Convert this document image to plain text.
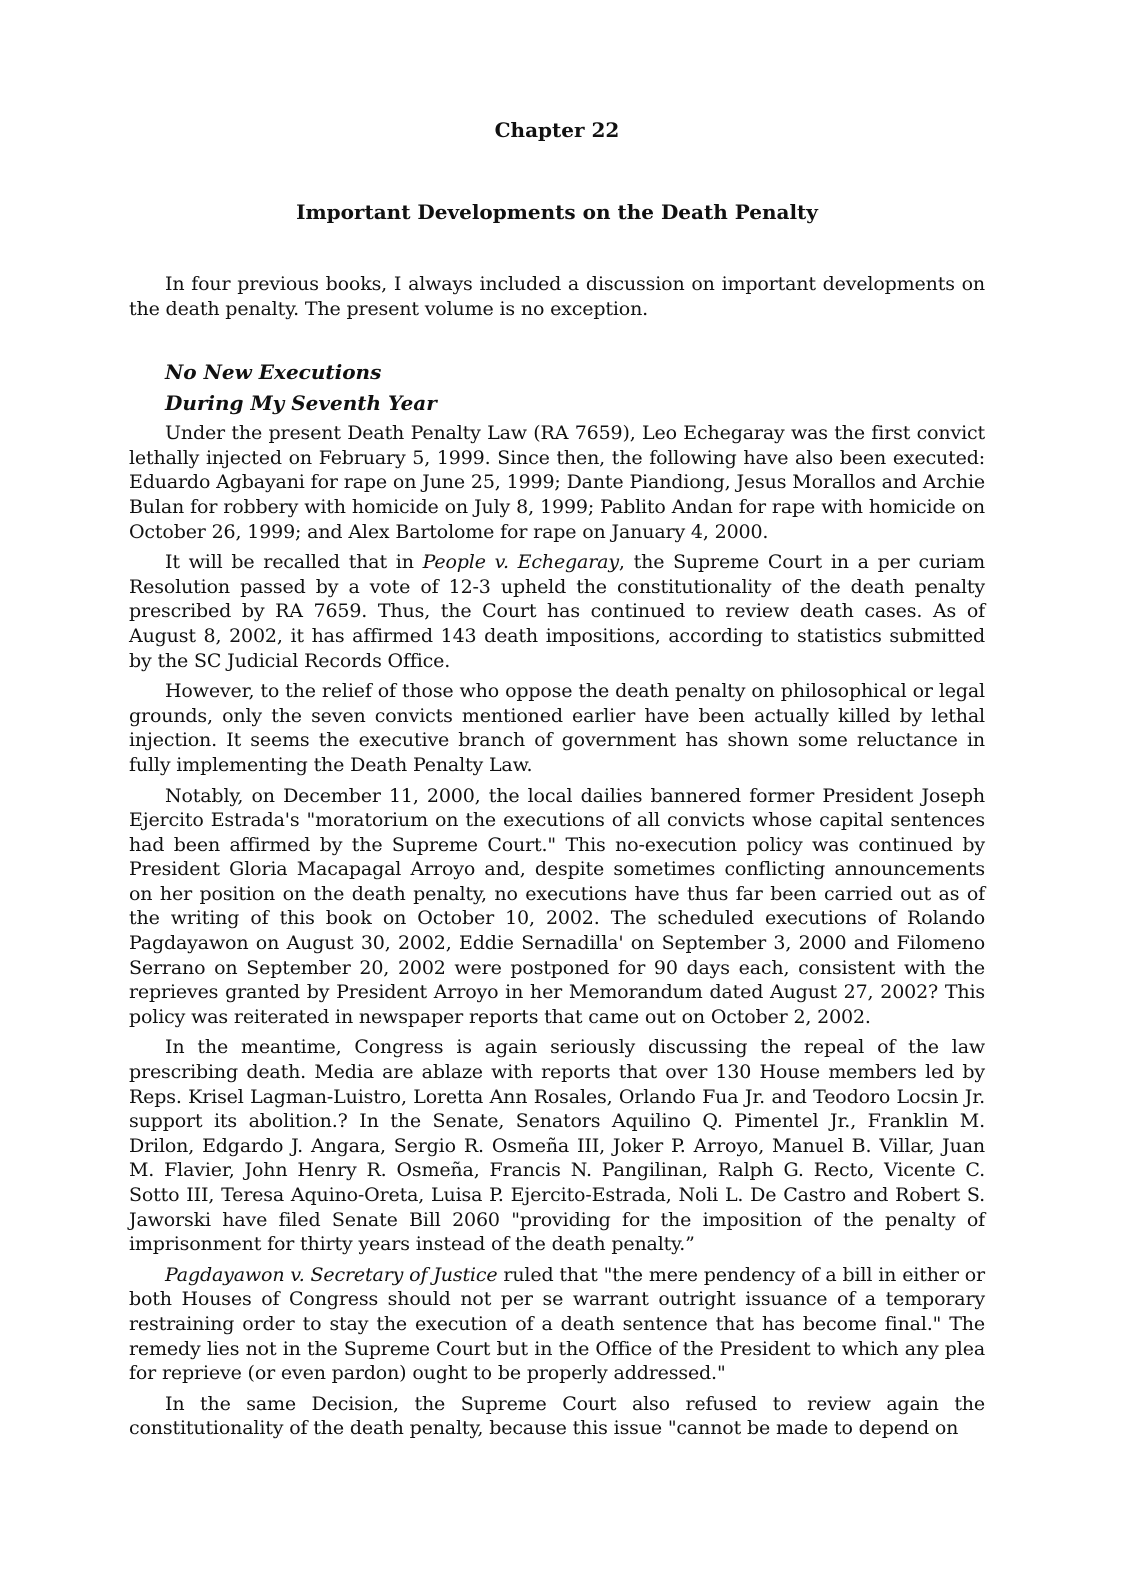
Chapter 22
Important Developments on the Death Penalty

In four previous books, I always included a discussion on important developments on the death penalty. The present volume is no exception.

No New Executions
During My Seventh Year

Under the present Death Penalty Law (RA 7659), Leo Echegaray was the first convict lethally injected on February 5, 1999. Since then, the following have also been executed: Eduardo Agbayani for rape on June 25, 1999; Dante Piandiong, Jesus Morallos and Archie Bulan for robbery with homicide on July 8, 1999; Pablito Andan for rape with homicide on October 26, 1999; and Alex Bartolome for rape on January 4, 2000.

It will be recalled that in People v. Echegaray, the Supreme Court in a per curiam Resolution passed by a vote of 12-3 upheld the constitutionality of the death penalty prescribed by RA 7659. Thus, the Court has continued to review death cases. As of August 8, 2002, it has affirmed 143 death impositions, according to statistics submitted by the SC Judicial Records Office.

However, to the relief of those who oppose the death penalty on philosophical or legal grounds, only the seven convicts mentioned earlier have been actually killed by lethal injection. It seems the executive branch of government has shown some reluctance in fully implementing the Death Penalty Law.

Notably, on December 11, 2000, the local dailies bannered former President Joseph Ejercito Estrada's "moratorium on the executions of all convicts whose capital sentences had been affirmed by the Supreme Court." This no-execution policy was continued by President Gloria Macapagal Arroyo and, despite sometimes conflicting announcements on her position on the death penalty, no executions have thus far been carried out as of the writing of this book on October 10, 2002. The scheduled executions of Rolando Pagdayawon on August 30, 2002, Eddie Sernadilla' on September 3, 2000 and Filomeno Serrano on September 20, 2002 were postponed for 90 days each, consistent with the reprieves granted by President Arroyo in her Memorandum dated August 27, 2002? This policy was reiterated in newspaper reports that came out on October 2, 2002.

In the meantime, Congress is again seriously discussing the repeal of the law prescribing death. Media are ablaze with reports that over 130 House members led by Reps. Krisel Lagman-Luistro, Loretta Ann Rosales, Orlando Fua Jr. and Teodoro Locsin Jr. support its abolition.? In the Senate, Senators Aquilino Q. Pimentel Jr., Franklin M. Drilon, Edgardo J. Angara, Sergio R. Osmeña III, Joker P. Arroyo, Manuel B. Villar, Juan M. Flavier, John Henry R. Osmeña, Francis N. Pangilinan, Ralph G. Recto, Vicente C. Sotto III, Teresa Aquino-Oreta, Luisa P. Ejercito-Estrada, Noli L. De Castro and Robert S. Jaworski have filed Senate Bill 2060 "providing for the imposition of the penalty of imprisonment for thirty years instead of the death penalty.”

Pagdayawon v. Secretary of Justice ruled that "the mere pendency of a bill in either or both Houses of Congress should not per se warrant outright issuance of a temporary restraining order to stay the execution of a death sentence that has become final." The remedy lies not in the Supreme Court but in the Office of the President to which any plea for reprieve (or even pardon) ought to be properly addressed."

In the same Decision, the Supreme Court also refused to review again the constitutionality of the death penalty, because this issue "cannot be made to depend on
